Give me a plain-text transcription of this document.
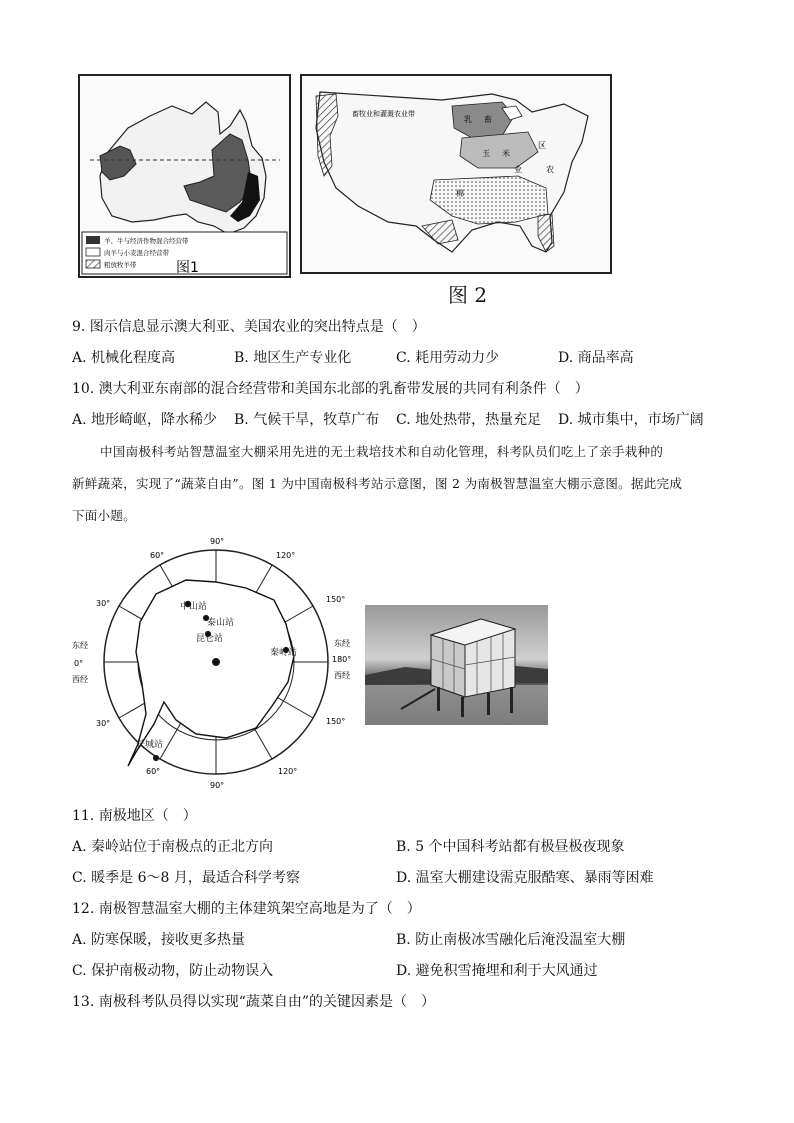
羊、牛与经济作物混合经营带
肉羊与小麦混合经营带
粗放牧羊带	图1
畜牧业和灌溉农业带
乳 畜
玉 米
棉
区
农
业
图 2
9. 图示信息显示澳大利亚、美国农业的突出特点是（　）
A. 机械化程度高	B. 地区生产专业化	C. 耗用劳动力少	D. 商品率高
10. 澳大利亚东南部的混合经营带和美国东北部的乳畜带发展的共同有利条件（　）
A. 地形崎岖，降水稀少 B. 气候干旱，牧草广布 C. 地处热带，热量充足 D. 城市集中，市场广阔
中国南极科考站智慧温室大棚采用先进的无土栽培技术和自动化管理，科考队员们吃上了亲手栽种的
新鲜蔬菜，实现了“蔬菜自由”。图 1 为中国南极科考站示意图，图 2 为南极智慧温室大棚示意图。据此完成
下面小题。
中山站
泰山站
昆仑站
秦岭站
长城站
90°
60°	120°
150°
30°
30°	150°
60°	120°
90°
东经
0°
西经
东经
180°
西经
11. 南极地区（　）
A. 秦岭站位于南极点的正北方向	B. 5 个中国科考站都有极昼极夜现象
C. 暖季是 6～8 月，最适合科学考察	D. 温室大棚建设需克服酷寒、暴雨等困难
12. 南极智慧温室大棚的主体建筑架空高地是为了（　）
A. 防寒保暖，接收更多热量	B. 防止南极冰雪融化后淹没温室大棚
C. 保护南极动物，防止动物误入	D. 避免积雪掩埋和利于大风通过
13. 南极科考队员得以实现“蔬菜自由”的关键因素是（　）
